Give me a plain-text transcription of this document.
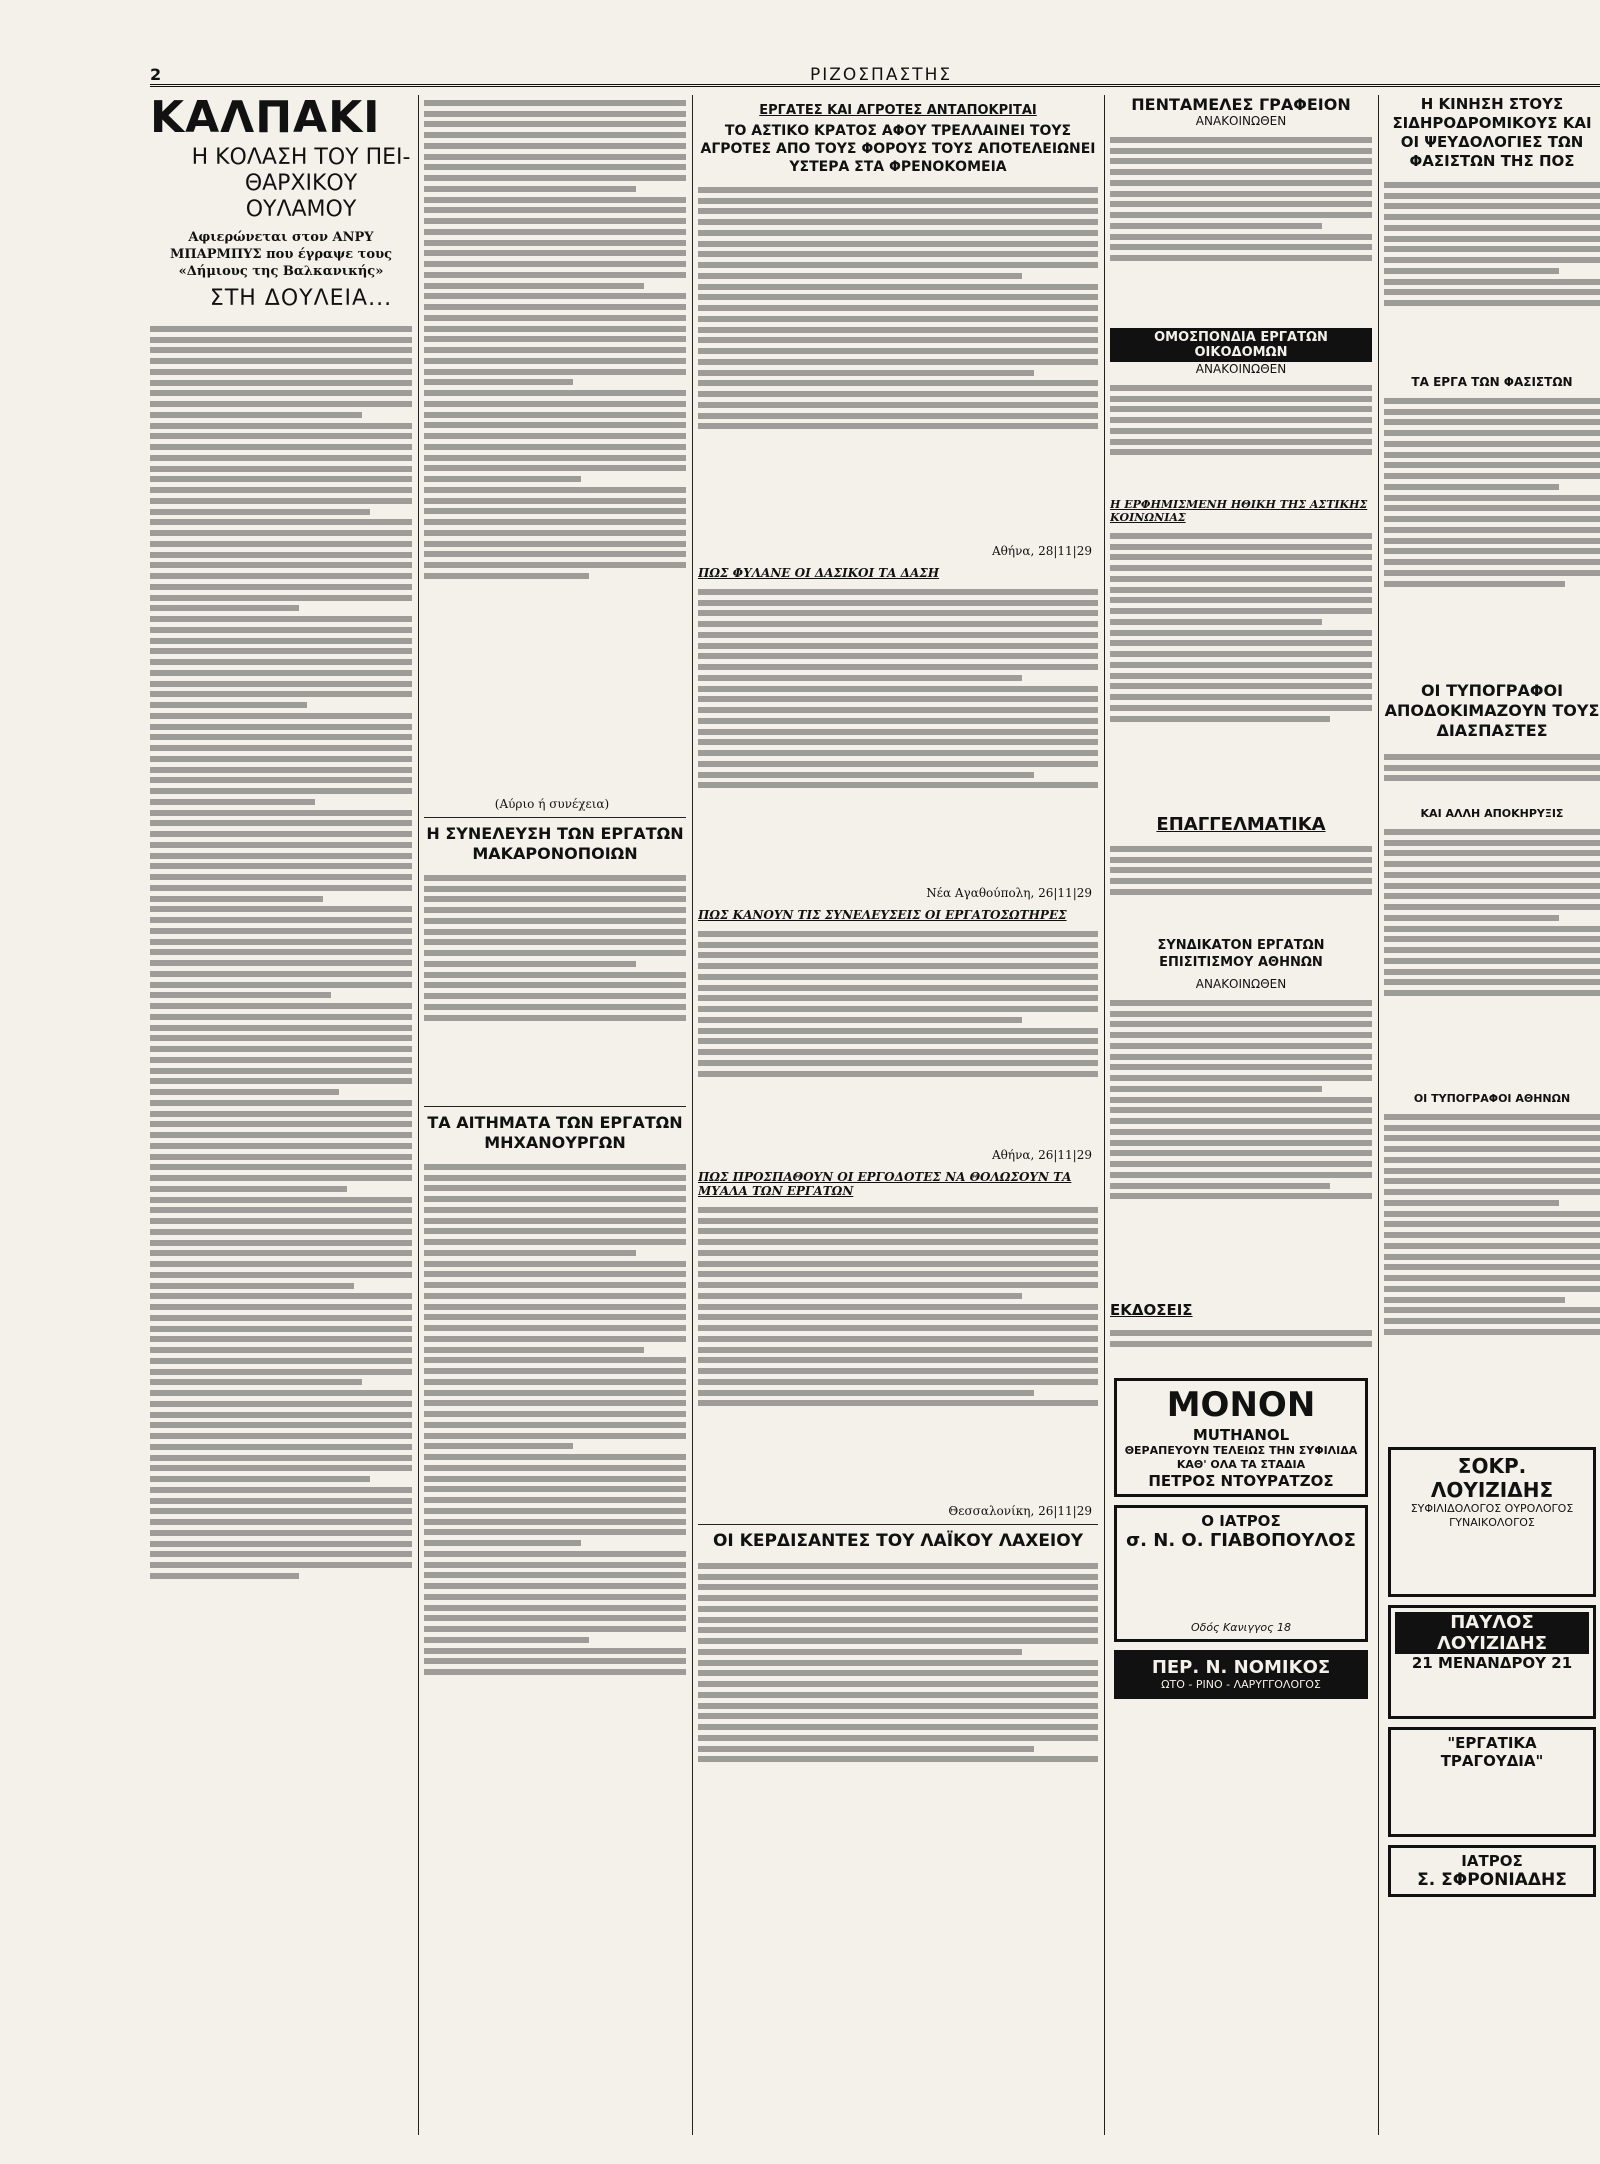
2	ΡΙΖΟΣΠΑΣΤΗΣ
ΚΑΛΠΑΚΙ
Η ΚΟΛΑΣΗ ΤΟΥ ΠΕΙ-ΘΑΡΧΙΚΟΥ ΟΥΛΑΜΟΥ
Αφιερώνεται στον ΑΝΡΥ ΜΠΑΡΜΠΥΣ που έγραψε τους «Δήμιους της Βαλκανικής»
ΣΤΗ ΔΟΥΛΕΙΑ...
(Αύριο ή συνέχεια)
Η ΣΥΝΕΛΕΥΣΗ ΤΩΝ ΕΡΓΑΤΩΝ ΜΑΚΑΡΟΝΟΠΟΙΩΝ
ΤΑ ΑΙΤΗΜΑΤΑ ΤΩΝ ΕΡΓΑΤΩΝ ΜΗΧΑΝΟΥΡΓΩΝ
ΕΡΓΑΤΕΣ ΚΑΙ ΑΓΡΟΤΕΣ ΑΝΤΑΠΟΚΡΙΤΑΙ
ΤΟ ΑΣΤΙΚΟ ΚΡΑΤΟΣ ΑΦΟΥ ΤΡΕΛΛΑΙΝΕΙ ΤΟΥΣ ΑΓΡΟΤΕΣ ΑΠΟ ΤΟΥΣ ΦΟΡΟΥΣ ΤΟΥΣ ΑΠΟΤΕΛΕΙΩΝΕΙ ΥΣΤΕΡΑ ΣΤΑ ΦΡΕΝΟΚΟΜΕΙΑ
Αθήνα, 28|11|29
ΠΩΣ ΦΥΛΑΝΕ ΟΙ ΔΑΣΙΚΟΙ ΤΑ ΔΑΣΗ
Νέα Αγαθούπολη, 26|11|29
ΠΩΣ ΚΑΝΟΥΝ ΤΙΣ ΣΥΝΕΛΕΥΣΕΙΣ ΟΙ ΕΡΓΑΤΟΣΩΤΗΡΕΣ
Αθήνα, 26|11|29
ΠΩΣ ΠΡΟΣΠΑΘΟΥΝ ΟΙ ΕΡΓΟΔΟΤΕΣ ΝΑ ΘΟΛΩΣΟΥΝ ΤΑ ΜΥΑΛΑ ΤΩΝ ΕΡΓΑΤΩΝ
Θεσσαλονίκη, 26|11|29
ΟΙ ΚΕΡΔΙΣΑΝΤΕΣ ΤΟΥ ΛΑΪΚΟΥ ΛΑΧΕΙΟΥ
ΠΕΝΤΑΜΕΛΕΣ ΓΡΑΦΕΙΟΝ
ΑΝΑΚΟΙΝΩΘΕΝ
ΟΜΟΣΠΟΝΔΙΑ ΕΡΓΑΤΩΝ ΟΙΚΟΔΟΜΩΝ
ΑΝΑΚΟΙΝΩΘΕΝ
Η ΕΡΦΗΜΙΣΜΕΝΗ ΗΘΙΚΗ ΤΗΣ ΑΣΤΙΚΗΣ ΚΟΙΝΩΝΙΑΣ
ΕΠΑΓΓΕΛΜΑΤΙΚΑ
ΣΥΝΔΙΚΑΤΟΝ ΕΡΓΑΤΩΝ ΕΠΙΣΙΤΙΣΜΟΥ ΑΘΗΝΩΝ
ΑΝΑΚΟΙΝΩΘΕΝ
ΕΚΔΟΣΕΙΣ
ΜΟΝΟΝ MUTHANOL
ΘΕΡΑΠΕΥΟΥΝ ΤΕΛΕΙΩΣ ΤΗΝ ΣΥΦΙΛΙΔΑ ΚΑΘ' ΟΛΑ ΤΑ ΣΤΑΔΙΑ
ΠΕΤΡΟΣ ΝΤΟΥΡΑΤΖΟΣ
Ο ΙΑΤΡΟΣ
σ. Ν. Ο. ΓΙΑΒΟΠΟΥΛΟΣ
Οδός Κανιγγος 18
ΠΕΡ. Ν. ΝΟΜΙΚΟΣ
ΩΤΟ - ΡΙΝΟ - ΛΑΡΥΓΓΟΛΟΓΟΣ
Η ΚΙΝΗΣΗ ΣΤΟΥΣ ΣΙΔΗΡΟΔΡΟΜΙΚΟΥΣ ΚΑΙ ΟΙ ΨΕΥΔΟΛΟΓΙΕΣ ΤΩΝ ΦΑΣΙΣΤΩΝ ΤΗΣ ΠΟΣ
ΤΑ ΕΡΓΑ ΤΩΝ ΦΑΣΙΣΤΩΝ
ΟΙ ΤΥΠΟΓΡΑΦΟΙ ΑΠΟΔΟΚΙΜΑΖΟΥΝ ΤΟΥΣ ΔΙΑΣΠΑΣΤΕΣ
ΚΑΙ ΑΛΛΗ ΑΠΟΚΗΡΥΞΙΣ
ΟΙ ΤΥΠΟΓΡΑΦΟΙ ΑΘΗΝΩΝ
ΣΟΚΡ. ΛΟΥΙΖΙΔΗΣ
ΣΥΦΙΛΙΔΟΛΟΓΟΣ ΟΥΡΟΛΟΓΟΣ ΓΥΝΑΙΚΟΛΟΓΟΣ
ΠΑΥΛΟΣ ΛΟΥΙΖΙΔΗΣ
21 ΜΕΝΑΝΔΡΟΥ 21
"ΕΡΓΑΤΙΚΑ ΤΡΑΓΟΥΔΙΑ"
ΙΑΤΡΟΣ
Σ. ΣΦΡΟΝΙΑΔΗΣ
